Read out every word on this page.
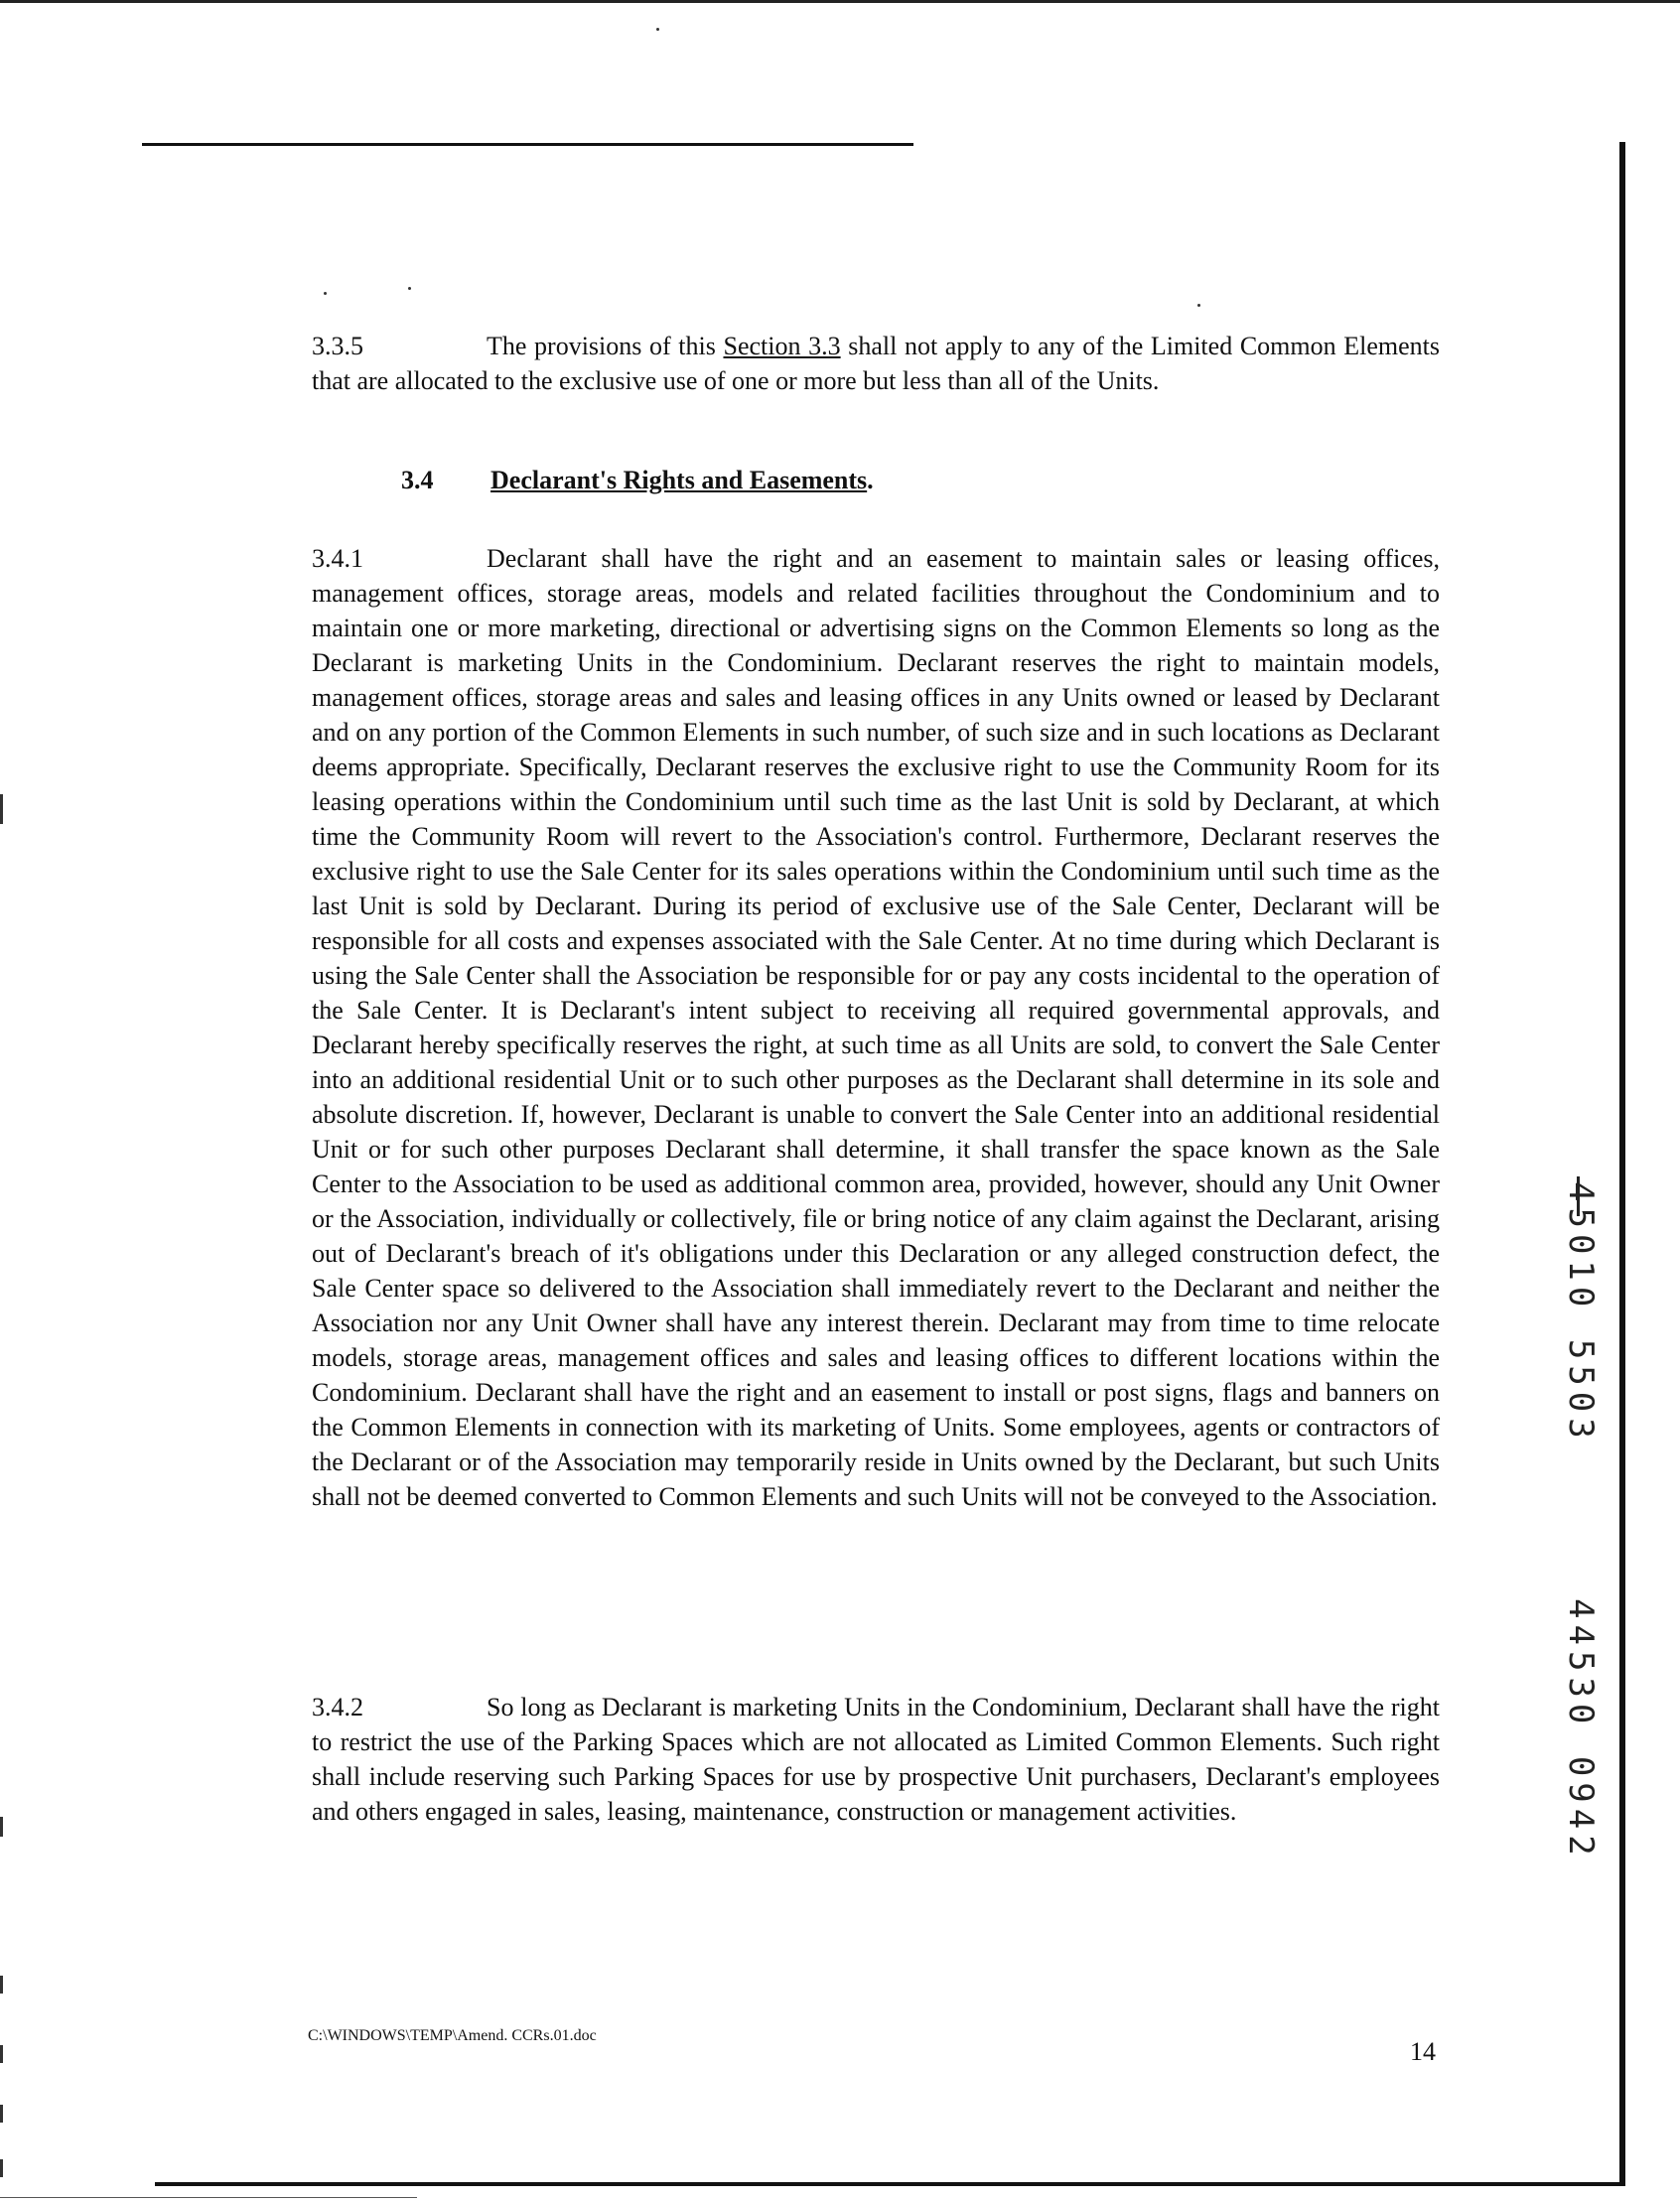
3.3.5	The provisions of this Section 3.3 shall not apply to any of the Limited Common Elements that are allocated to the exclusive use of one or more but less than all of the Units.

3.4 Declarant's Rights and Easements.

3.4.1	Declarant shall have the right and an easement to maintain sales or leasing offices, management offices, storage areas, models and related facilities throughout the Condominium and to maintain one or more marketing, directional or advertising signs on the Common Elements so long as the Declarant is marketing Units in the Condominium. Declarant reserves the right to maintain models, management offices, storage areas and sales and leasing offices in any Units owned or leased by Declarant and on any portion of the Common Elements in such number, of such size and in such locations as Declarant deems appropriate. Specifically, Declarant reserves the exclusive right to use the Community Room for its leasing operations within the Condominium until such time as the last Unit is sold by Declarant, at which time the Community Room will revert to the Association's control. Furthermore, Declarant reserves the exclusive right to use the Sale Center for its sales operations within the Condominium until such time as the last Unit is sold by Declarant. During its period of exclusive use of the Sale Center, Declarant will be responsible for all costs and expenses associated with the Sale Center. At no time during which Declarant is using the Sale Center shall the Association be responsible for or pay any costs incidental to the operation of the Sale Center. It is Declarant's intent subject to receiving all required governmental approvals, and Declarant hereby specifically reserves the right, at such time as all Units are sold, to convert the Sale Center into an additional residential Unit or to such other purposes as the Declarant shall determine in its sole and absolute discretion. If, however, Declarant is unable to convert the Sale Center into an additional residential Unit or for such other purposes Declarant shall determine, it shall transfer the space known as the Sale Center to the Association to be used as additional common area, provided, however, should any Unit Owner or the Association, individually or collectively, file or bring notice of any claim against the Declarant, arising out of Declarant's breach of it's obligations under this Declaration or any alleged construction defect, the Sale Center space so delivered to the Association shall immediately revert to the Declarant and neither the Association nor any Unit Owner shall have any interest therein. Declarant may from time to time relocate models, storage areas, management offices and sales and leasing offices to different locations within the Condominium. Declarant shall have the right and an easement to install or post signs, flags and banners on the Common Elements in connection with its marketing of Units. Some employees, agents or contractors of the Declarant or of the Association may temporarily reside in Units owned by the Declarant, but such Units shall not be deemed converted to Common Elements and such Units will not be conveyed to the Association.

3.4.2	So long as Declarant is marketing Units in the Condominium, Declarant shall have the right to restrict the use of the Parking Spaces which are not allocated as Limited Common Elements. Such right shall include reserving such Parking Spaces for use by prospective Unit purchasers, Declarant's employees and others engaged in sales, leasing, maintenance, construction or management activities.

C:\WINDOWS\TEMP\Amend. CCRs.01.doc
14
45010 5503
44530 0942
